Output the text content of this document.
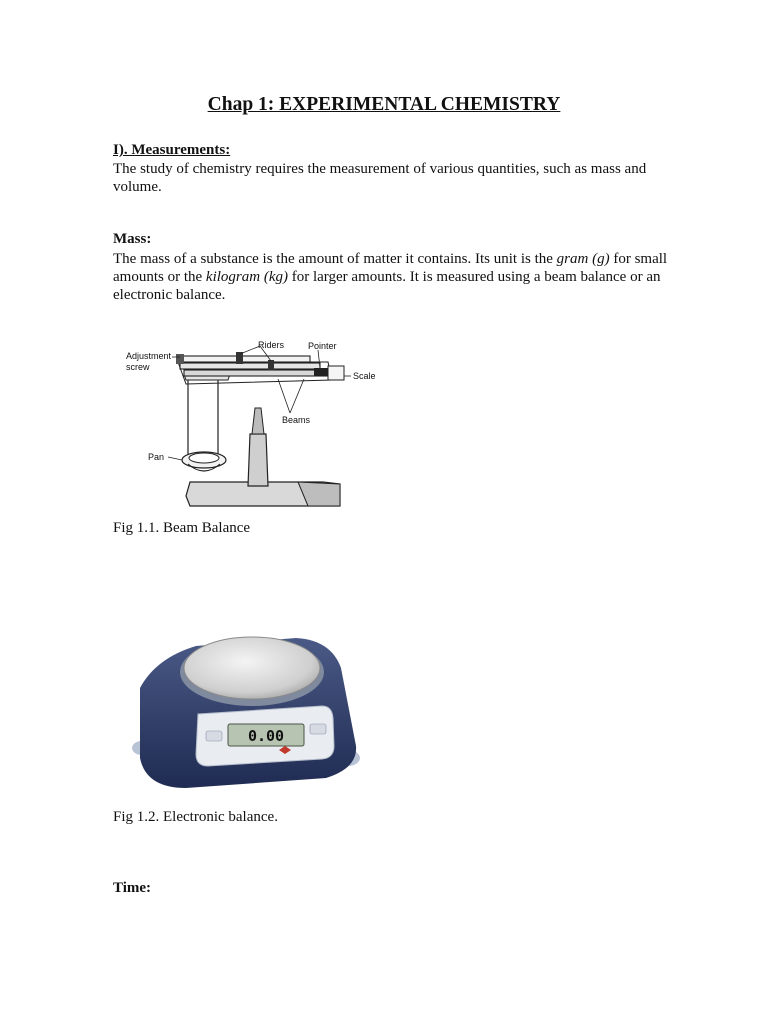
Chap 1: EXPERIMENTAL CHEMISTRY
I). Measurements:

The study of chemistry requires the measurement of various quantities, such as mass and volume.

Mass:

The mass of a substance is the amount of matter it contains. Its unit is the gram (g) for small amounts or the kilogram (kg) for larger amounts. It is measured using a beam balance or an electronic balance.

Adjustment
screw
Riders	Pointer
Scale
Beams
Pan
Fig 1.1. Beam Balance
0.00
Fig 1.2. Electronic balance.
Time:
